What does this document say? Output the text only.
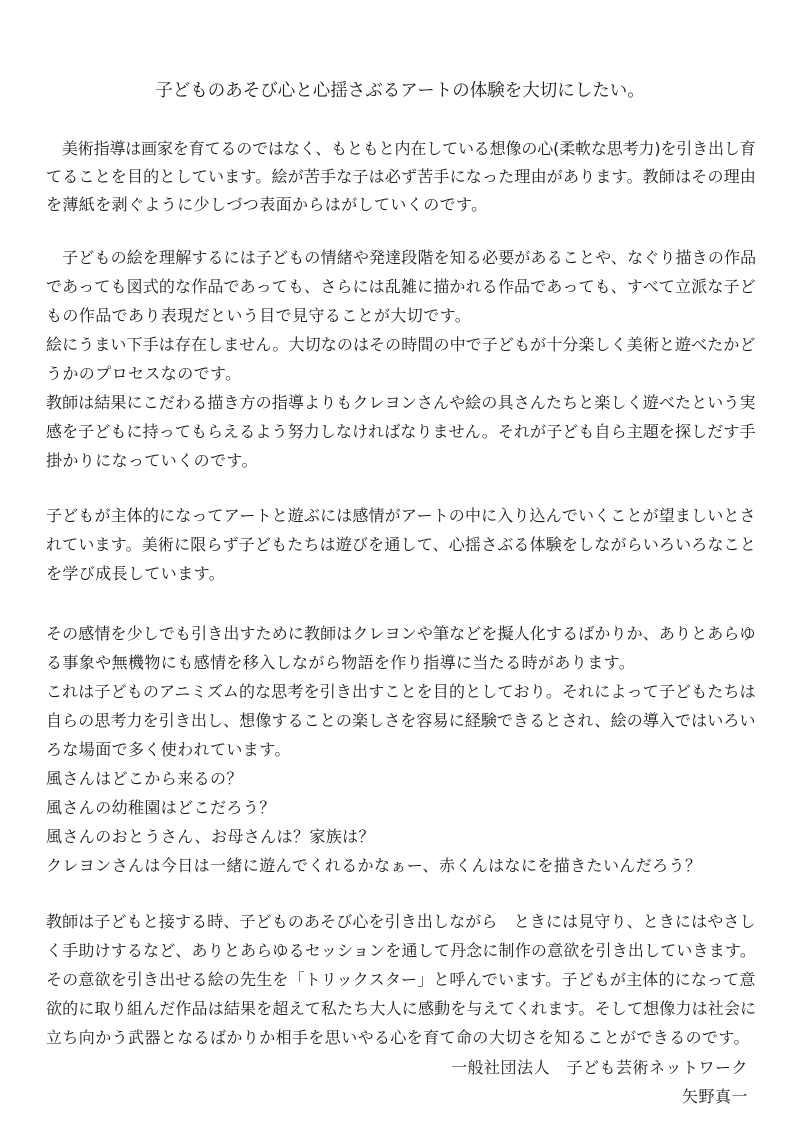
子どものあそび心と心揺さぶるアートの体験を大切にしたい。
　美術指導は画家を育てるのではなく、もともと内在している想像の心(柔軟な思考力)を引き出し育
てることを目的としています。絵が苦手な子は必ず苦手になった理由があります。教師はその理由
を薄紙を剥ぐように少しづつ表面からはがしていくのです。
　子どもの絵を理解するには子どもの情緒や発達段階を知る必要があることや、なぐり描きの作品
であっても図式的な作品であっても、さらには乱雑に描かれる作品であっても、すべて立派な子ど
もの作品であり表現だという目で見守ることが大切です。
絵にうまい下手は存在しません。大切なのはその時間の中で子どもが十分楽しく美術と遊べたかど
うかのプロセスなのです。
教師は結果にこだわる描き方の指導よりもクレヨンさんや絵の具さんたちと楽しく遊べたという実
感を子どもに持ってもらえるよう努力しなければなりません。それが子ども自ら主題を探しだす手
掛かりになっていくのです。
子どもが主体的になってアートと遊ぶには感情がアートの中に入り込んでいくことが望ましいとさ
れています。美術に限らず子どもたちは遊びを通して、心揺さぶる体験をしながらいろいろなこと
を学び成長しています。
その感情を少しでも引き出すために教師はクレヨンや筆などを擬人化するばかりか、ありとあらゆ
る事象や無機物にも感情を移入しながら物語を作り指導に当たる時があります。
これは子どものアニミズム的な思考を引き出すことを目的としており。それによって子どもたちは
自らの思考力を引き出し、想像することの楽しさを容易に経験できるとされ、絵の導入ではいろい
ろな場面で多く使われています。
風さんはどこから来るの？
風さんの幼稚園はどこだろう？
風さんのおとうさん、お母さんは？家族は？
クレヨンさんは今日は一緒に遊んでくれるかなぁー、赤くんはなにを描きたいんだろう？
教師は子どもと接する時、子どものあそび心を引き出しながら　ときには見守り、ときにはやさし
く手助けするなど、ありとあらゆるセッションを通して丹念に制作の意欲を引き出していきます。
その意欲を引き出せる絵の先生を「トリックスター」と呼んでいます。子どもが主体的になって意
欲的に取り組んだ作品は結果を超えて私たち大人に感動を与えてくれます。そして想像力は社会に
立ち向かう武器となるばかりか相手を思いやる心を育て命の大切さを知ることができるのです。
一般社団法人　子ども芸術ネットワーク
矢野真一
